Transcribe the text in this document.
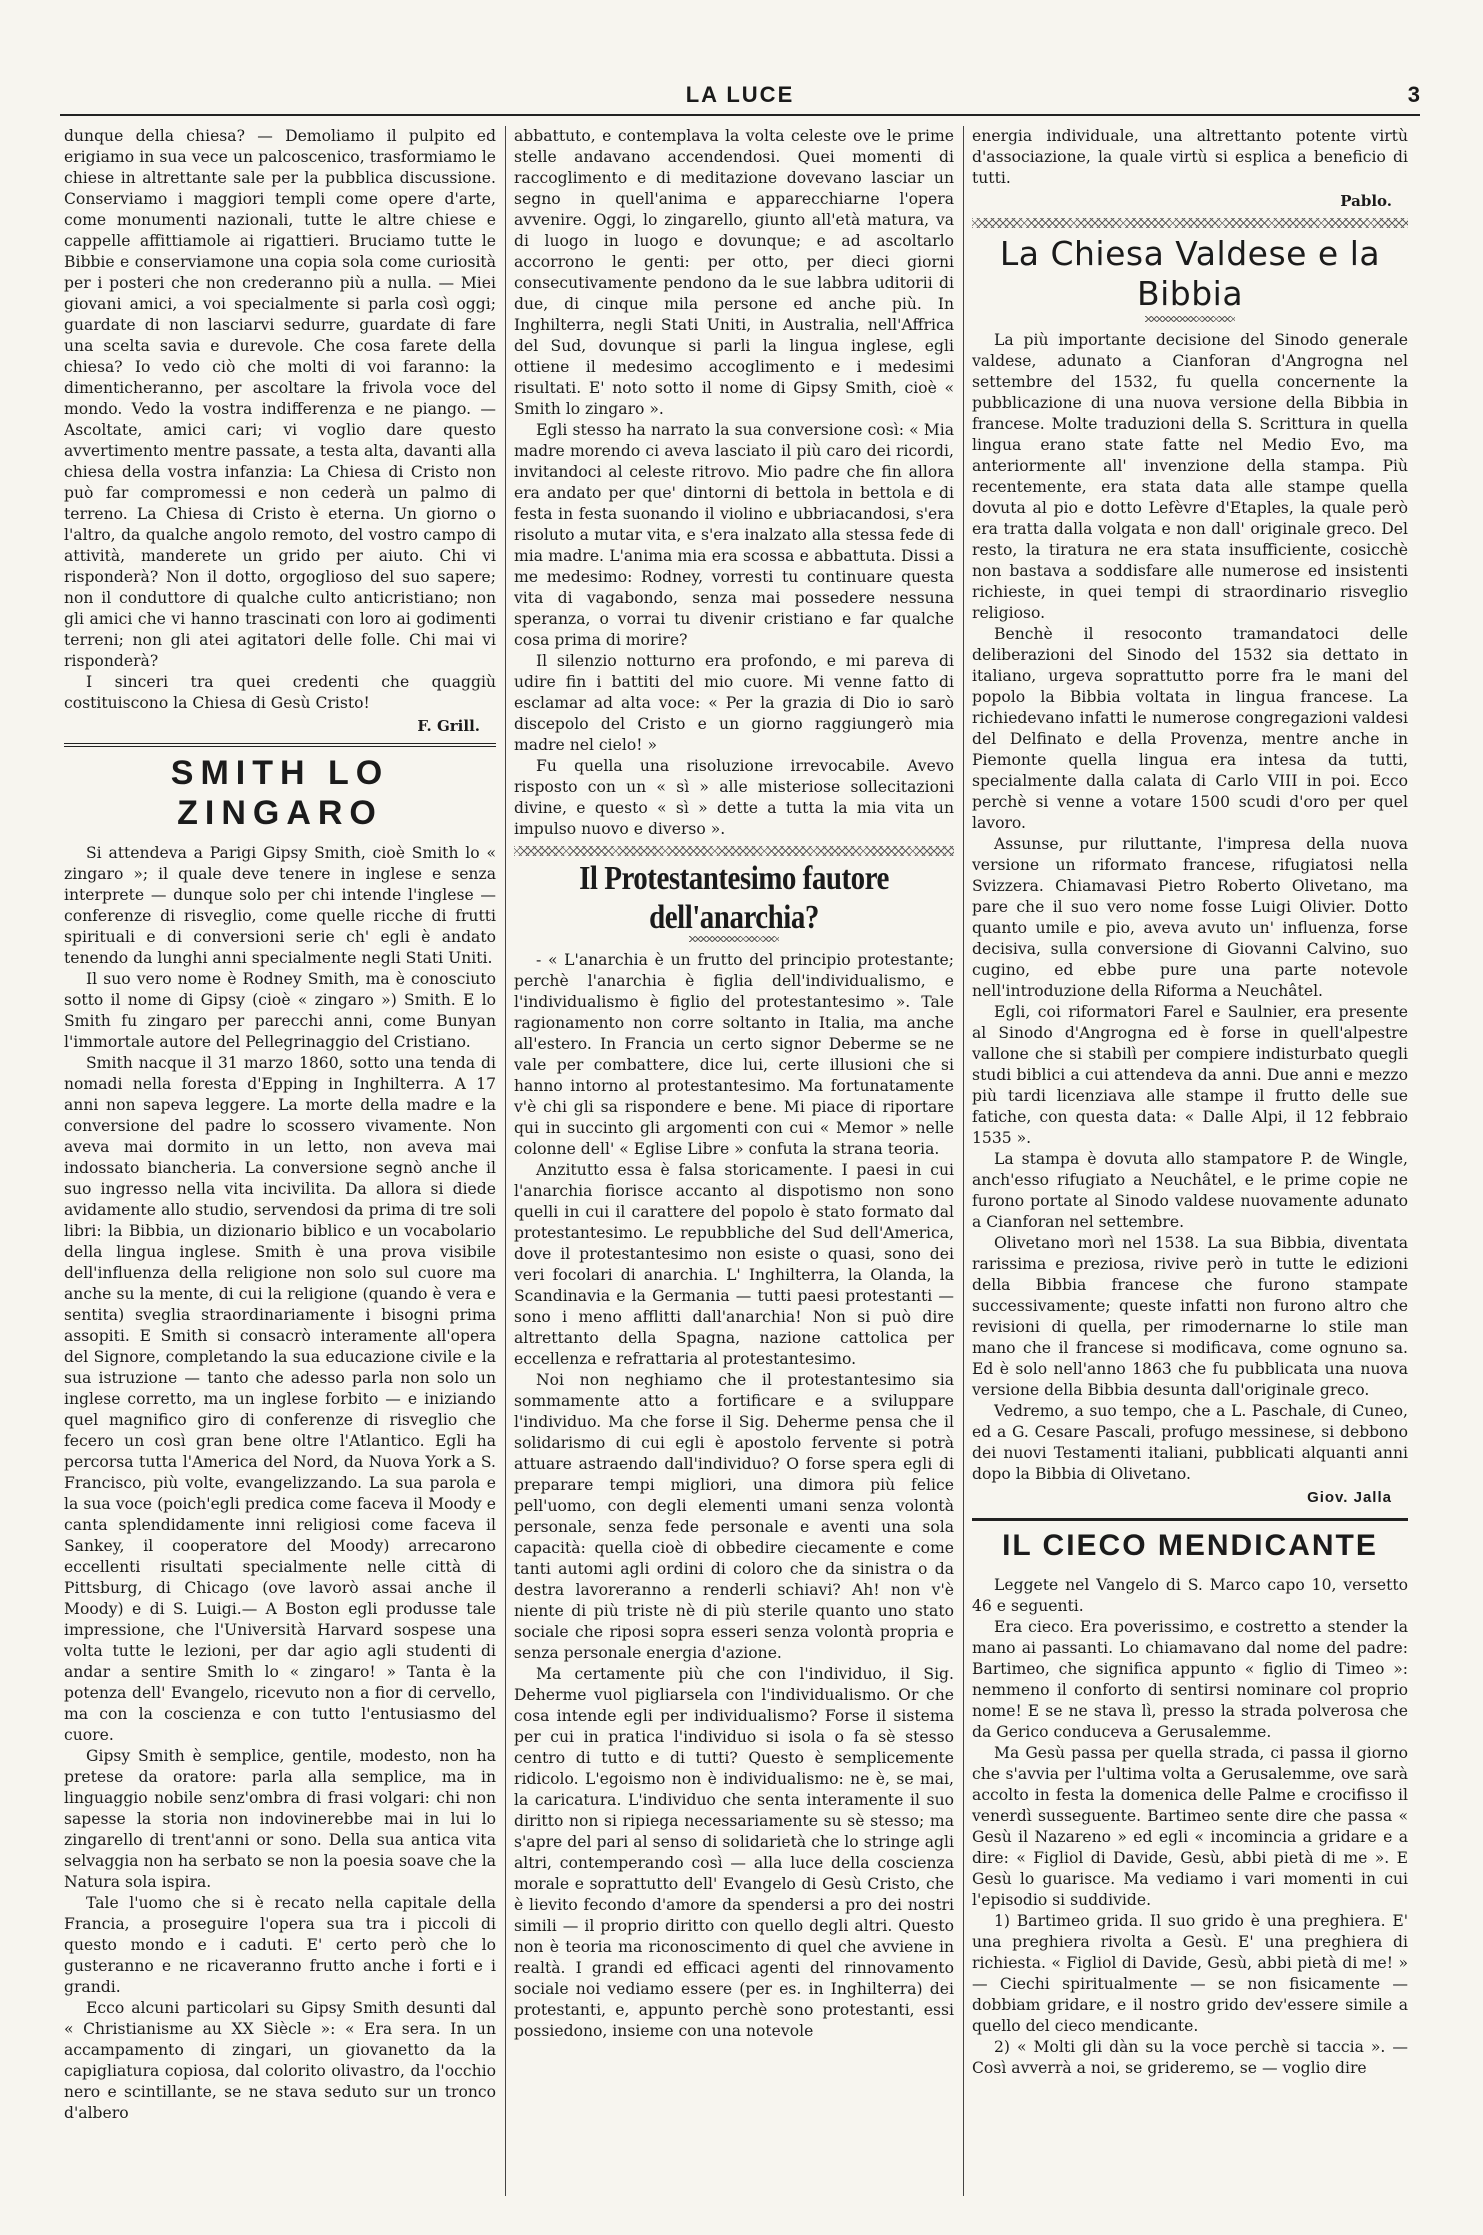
LA LUCE	3

dunque della chiesa? — Demoliamo il pulpito ed erigiamo in sua vece un palcoscenico, trasformiamo le chiese in altrettante sale per la pubblica discussione. Conserviamo i maggiori templi come opere d'arte, come monumenti nazionali, tutte le altre chiese e cappelle affittiamole ai rigattieri. Bruciamo tutte le Bibbie e conserviamone una copia sola come curiosità per i posteri che non crederanno più a nulla. — Miei giovani amici, a voi specialmente si parla così oggi; guardate di non lasciarvi sedurre, guardate di fare una scelta savia e durevole. Che cosa farete della chiesa? Io vedo ciò che molti di voi faranno: la dimenticheranno, per ascoltare la frivola voce del mondo. Vedo la vostra indifferenza e ne piango. — Ascoltate, amici cari; vi voglio dare questo avvertimento mentre passate, a testa alta, davanti alla chiesa della vostra infanzia: La Chiesa di Cristo non può far compromessi e non cederà un palmo di terreno. La Chiesa di Cristo è eterna. Un giorno o l'altro, da qualche angolo remoto, del vostro campo di attività, manderete un grido per aiuto. Chi vi risponderà? Non il dotto, orgoglioso del suo sapere; non il conduttore di qualche culto anticristiano; non gli amici che vi hanno trascinati con loro ai godimenti terreni; non gli atei agitatori delle folle. Chi mai vi risponderà?

I sinceri tra quei credenti che quaggiù costituiscono la Chiesa di Gesù Cristo!

F. Grill.
SMITH LO ZINGARO

Si attendeva a Parigi Gipsy Smith, cioè Smith lo « zingaro »; il quale deve tenere in inglese e senza interprete — dunque solo per chi intende l'inglese — conferenze di risveglio, come quelle ricche di frutti spirituali e di conversioni serie ch' egli è andato tenendo da lunghi anni specialmente negli Stati Uniti.

Il suo vero nome è Rodney Smith, ma è conosciuto sotto il nome di Gipsy (cioè « zingaro ») Smith. E lo Smith fu zingaro per parecchi anni, come Bunyan l'immortale autore del Pellegrinaggio del Cristiano.

Smith nacque il 31 marzo 1860, sotto una tenda di nomadi nella foresta d'Epping in Inghilterra. A 17 anni non sapeva leggere. La morte della madre e la conversione del padre lo scossero vivamente. Non aveva mai dormito in un letto, non aveva mai indossato biancheria. La conversione segnò anche il suo ingresso nella vita incivilita. Da allora si diede avidamente allo studio, servendosi da prima di tre soli libri: la Bibbia, un dizionario biblico e un vocabolario della lingua inglese. Smith è una prova visibile dell'influenza della religione non solo sul cuore ma anche su la mente, di cui la religione (quando è vera e sentita) sveglia straordinariamente i bisogni prima assopiti. E Smith si consacrò interamente all'opera del Signore, completando la sua educazione civile e la sua istruzione — tanto che adesso parla non solo un inglese corretto, ma un inglese forbito — e iniziando quel magnifico giro di conferenze di risveglio che fecero un così gran bene oltre l'Atlantico. Egli ha percorsa tutta l'America del Nord, da Nuova York a S. Francisco, più volte, evangelizzando. La sua parola e la sua voce (poich'egli predica come faceva il Moody e canta splendidamente inni religiosi come faceva il Sankey, il cooperatore del Moody) arrecarono eccellenti risultati specialmente nelle città di Pittsburg, di Chicago (ove lavorò assai anche il Moody) e di S. Luigi.— A Boston egli produsse tale impressione, che l'Università Harvard sospese una volta tutte le lezioni, per dar agio agli studenti di andar a sentire Smith lo « zingaro! » Tanta è la potenza dell' Evangelo, ricevuto non a fior di cervello, ma con la coscienza e con tutto l'entusiasmo del cuore.

Gipsy Smith è semplice, gentile, modesto, non ha pretese da oratore: parla alla semplice, ma in linguaggio nobile senz'ombra di frasi volgari: chi non sapesse la storia non indovinerebbe mai in lui lo zingarello di trent'anni or sono. Della sua antica vita selvaggia non ha serbato se non la poesia soave che la Natura sola ispira.

Tale l'uomo che si è recato nella capitale della Francia, a proseguire l'opera sua tra i piccoli di questo mondo e i caduti. E' certo però che lo gusteranno e ne ricaveranno frutto anche i forti e i grandi.

Ecco alcuni particolari su Gipsy Smith desunti dal « Christianisme au XX Siècle »: « Era sera. In un accampamento di zingari, un giovanetto da la capigliatura copiosa, dal colorito olivastro, da l'occhio nero e scintillante, se ne stava seduto sur un tronco d'albero

abbattuto, e contemplava la volta celeste ove le prime stelle andavano accendendosi. Quei momenti di raccoglimento e di meditazione dovevano lasciar un segno in quell'anima e apparecchiarne l'opera avvenire. Oggi, lo zingarello, giunto all'età matura, va di luogo in luogo e dovunque; e ad ascoltarlo accorrono le genti: per otto, per dieci giorni consecutivamente pendono da le sue labbra uditorii di due, di cinque mila persone ed anche più. In Inghilterra, negli Stati Uniti, in Australia, nell'Affrica del Sud, dovunque si parli la lingua inglese, egli ottiene il medesimo accoglimento e i medesimi risultati. E' noto sotto il nome di Gipsy Smith, cioè « Smith lo zingaro ».

Egli stesso ha narrato la sua conversione così: « Mia madre morendo ci aveva lasciato il più caro dei ricordi, invitandoci al celeste ritrovo. Mio padre che fin allora era andato per que' dintorni di bettola in bettola e di festa in festa suonando il violino e ubbriacandosi, s'era risoluto a mutar vita, e s'era inalzato alla stessa fede di mia madre. L'anima mia era scossa e abbattuta. Dissi a me medesimo: Rodney, vorresti tu continuare questa vita di vagabondo, senza mai possedere nessuna speranza, o vorrai tu divenir cristiano e far qualche cosa prima di morire?

Il silenzio notturno era profondo, e mi pareva di udire fin i battiti del mio cuore. Mi venne fatto di esclamar ad alta voce: « Per la grazia di Dio io sarò discepolo del Cristo e un giorno raggiungerò mia madre nel cielo! »

Fu quella una risoluzione irrevocabile. Avevo risposto con un « sì » alle misteriose sollecitazioni divine, e questo « sì » dette a tutta la mia vita un impulso nuovo e diverso ».

Il Protestantesimo fautore dell'anarchia?

- « L'anarchia è un frutto del principio protestante; perchè l'anarchia è figlia dell'individualismo, e l'individualismo è figlio del protestantesimo ». Tale ragionamento non corre soltanto in Italia, ma anche all'estero. In Francia un certo signor Deberme se ne vale per combattere, dice lui, certe illusioni che si hanno intorno al protestantesimo. Ma fortunatamente v'è chi gli sa rispondere e bene. Mi piace di riportare qui in succinto gli argomenti con cui « Memor » nelle colonne dell' « Eglise Libre » confuta la strana teoria.

Anzitutto essa è falsa storicamente. I paesi in cui l'anarchia fiorisce accanto al dispotismo non sono quelli in cui il carattere del popolo è stato formato dal protestantesimo. Le repubbliche del Sud dell'America, dove il protestantesimo non esiste o quasi, sono dei veri focolari di anarchia. L' Inghilterra, la Olanda, la Scandinavia e la Germania — tutti paesi protestanti — sono i meno afflitti dall'anarchia! Non si può dire altrettanto della Spagna, nazione cattolica per eccellenza e refrattaria al protestantesimo.

Noi non neghiamo che il protestantesimo sia sommamente atto a fortificare e a sviluppare l'individuo. Ma che forse il Sig. Deherme pensa che il solidarismo di cui egli è apostolo fervente si potrà attuare astraendo dall'individuo? O forse spera egli di preparare tempi migliori, una dimora più felice pell'uomo, con degli elementi umani senza volontà personale, senza fede personale e aventi una sola capacità: quella cioè di obbedire ciecamente e come tanti automi agli ordini di coloro che da sinistra o da destra lavoreranno a renderli schiavi? Ah! non v'è niente di più triste nè di più sterile quanto uno stato sociale che riposi sopra esseri senza volontà propria e senza personale energia d'azione.

Ma certamente più che con l'individuo, il Sig. Deherme vuol pigliarsela con l'individualismo. Or che cosa intende egli per individualismo? Forse il sistema per cui in pratica l'individuo si isola o fa sè stesso centro di tutto e di tutti? Questo è semplicemente ridicolo. L'egoismo non è individualismo: ne è, se mai, la caricatura. L'individuo che senta interamente il suo diritto non si ripiega necessariamente su sè stesso; ma s'apre del pari al senso di solidarietà che lo stringe agli altri, contemperando così — alla luce della coscienza morale e soprattutto dell' Evangelo di Gesù Cristo, che è lievito fecondo d'amore da spendersi a pro dei nostri simili — il proprio diritto con quello degli altri. Questo non è teoria ma riconoscimento di quel che avviene in realtà. I grandi ed efficaci agenti del rinnovamento sociale noi vediamo essere (per es. in Inghilterra) dei protestanti, e, appunto perchè sono protestanti, essi possiedono, insieme con una notevole

energia individuale, una altrettanto potente virtù d'associazione, la quale virtù si esplica a beneficio di tutti.

Pablo.
La Chiesa Valdese e la Bibbia

La più importante decisione del Sinodo generale valdese, adunato a Cianforan d'Angrogna nel settembre del 1532, fu quella concernente la pubblicazione di una nuova versione della Bibbia in francese. Molte traduzioni della S. Scrittura in quella lingua erano state fatte nel Medio Evo, ma anteriormente all' invenzione della stampa. Più recentemente, era stata data alle stampe quella dovuta al pio e dotto Lefèvre d'Etaples, la quale però era tratta dalla volgata e non dall' originale greco. Del resto, la tiratura ne era stata insufficiente, cosicchè non bastava a soddisfare alle numerose ed insistenti richieste, in quei tempi di straordinario risveglio religioso.

Benchè il resoconto tramandatoci delle deliberazioni del Sinodo del 1532 sia dettato in italiano, urgeva soprattutto porre fra le mani del popolo la Bibbia voltata in lingua francese. La richiedevano infatti le numerose congregazioni valdesi del Delfinato e della Provenza, mentre anche in Piemonte quella lingua era intesa da tutti, specialmente dalla calata di Carlo VIII in poi. Ecco perchè si venne a votare 1500 scudi d'oro per quel lavoro.

Assunse, pur riluttante, l'impresa della nuova versione un riformato francese, rifugiatosi nella Svizzera. Chiamavasi Pietro Roberto Olivetano, ma pare che il suo vero nome fosse Luigi Olivier. Dotto quanto umile e pio, aveva avuto un' influenza, forse decisiva, sulla conversione di Giovanni Calvino, suo cugino, ed ebbe pure una parte notevole nell'introduzione della Riforma a Neuchâtel.

Egli, coi riformatori Farel e Saulnier, era presente al Sinodo d'Angrogna ed è forse in quell'alpestre vallone che si stabilì per compiere indisturbato quegli studi biblici a cui attendeva da anni. Due anni e mezzo più tardi licenziava alle stampe il frutto delle sue fatiche, con questa data: « Dalle Alpi, il 12 febbraio 1535 ».

La stampa è dovuta allo stampatore P. de Wingle, anch'esso rifugiato a Neuchâtel, e le prime copie ne furono portate al Sinodo valdese nuovamente adunato a Cianforan nel settembre.

Olivetano morì nel 1538. La sua Bibbia, diventata rarissima e preziosa, rivive però in tutte le edizioni della Bibbia francese che furono stampate successivamente; queste infatti non furono altro che revisioni di quella, per rimodernarne lo stile man mano che il francese si modificava, come ognuno sa. Ed è solo nell'anno 1863 che fu pubblicata una nuova versione della Bibbia desunta dall'originale greco.

Vedremo, a suo tempo, che a L. Paschale, di Cuneo, ed a G. Cesare Pascali, profugo messinese, si debbono dei nuovi Testamenti italiani, pubblicati alquanti anni dopo la Bibbia di Olivetano.

Giov. Jalla
IL CIECO MENDICANTE

Leggete nel Vangelo di S. Marco capo 10, versetto 46 e seguenti.

Era cieco. Era poverissimo, e costretto a stender la mano ai passanti. Lo chiamavano dal nome del padre: Bartimeo, che significa appunto « figlio di Timeo »: nemmeno il conforto di sentirsi nominare col proprio nome! E se ne stava lì, presso la strada polverosa che da Gerico conduceva a Gerusalemme.

Ma Gesù passa per quella strada, ci passa il giorno che s'avvia per l'ultima volta a Gerusalemme, ove sarà accolto in festa la domenica delle Palme e crocifisso il venerdì susseguente. Bartimeo sente dire che passa « Gesù il Nazareno » ed egli « incomincia a gridare e a dire: « Figliol di Davide, Gesù, abbi pietà di me ». E Gesù lo guarisce. Ma vediamo i vari momenti in cui l'episodio si suddivide.

1) Bartimeo grida. Il suo grido è una preghiera. E' una preghiera rivolta a Gesù. E' una preghiera di richiesta. « Figliol di Davide, Gesù, abbi pietà di me! » — Ciechi spiritualmente — se non fisicamente — dobbiam gridare, e il nostro grido dev'essere simile a quello del cieco mendicante.

2) « Molti gli dàn su la voce perchè si taccia ». — Così avverrà a noi, se grideremo, se — voglio dire
